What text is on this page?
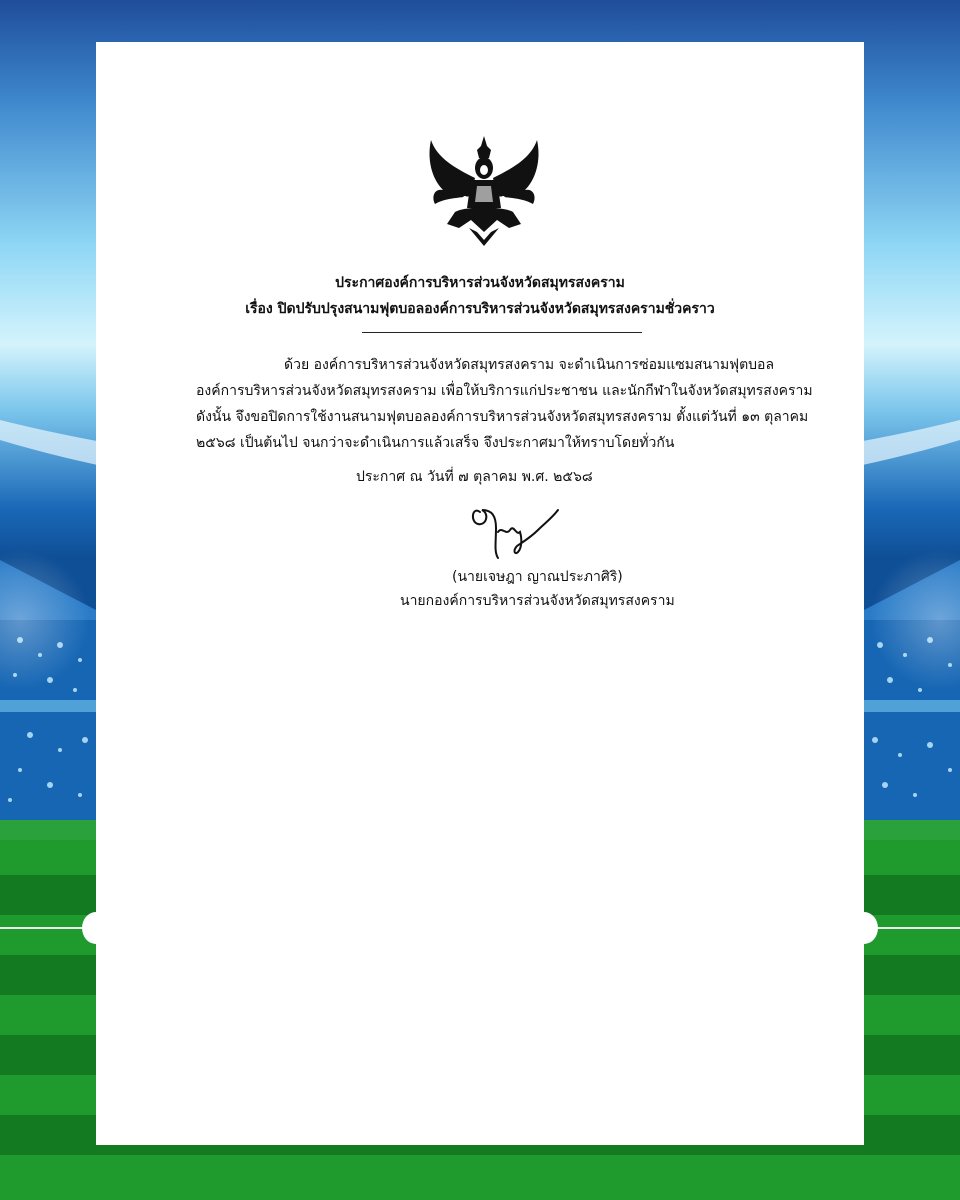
ประกาศองค์การบริหารส่วนจังหวัดสมุทรสงคราม
เรื่อง ปิดปรับปรุงสนามฟุตบอลองค์การบริหารส่วนจังหวัดสมุทรสงครามชั่วคราว
ด้วย องค์การบริหารส่วนจังหวัดสมุทรสงคราม จะดำเนินการซ่อมแซมสนามฟุตบอล
องค์การบริหารส่วนจังหวัดสมุทรสงคราม เพื่อให้บริการแก่ประชาชน และนักกีฬาในจังหวัดสมุทรสงคราม
ดังนั้น จึงขอปิดการใช้งานสนามฟุตบอลองค์การบริหารส่วนจังหวัดสมุทรสงคราม ตั้งแต่วันที่ ๑๓ ตุลาคม
๒๕๖๘ เป็นต้นไป จนกว่าจะดำเนินการแล้วเสร็จ จึงประกาศมาให้ทราบโดยทั่วกัน
ประกาศ ณ วันที่ ๗ ตุลาคม พ.ศ. ๒๕๖๘
(นายเจษฎา ญาณประภาศิริ)
นายกองค์การบริหารส่วนจังหวัดสมุทรสงคราม
